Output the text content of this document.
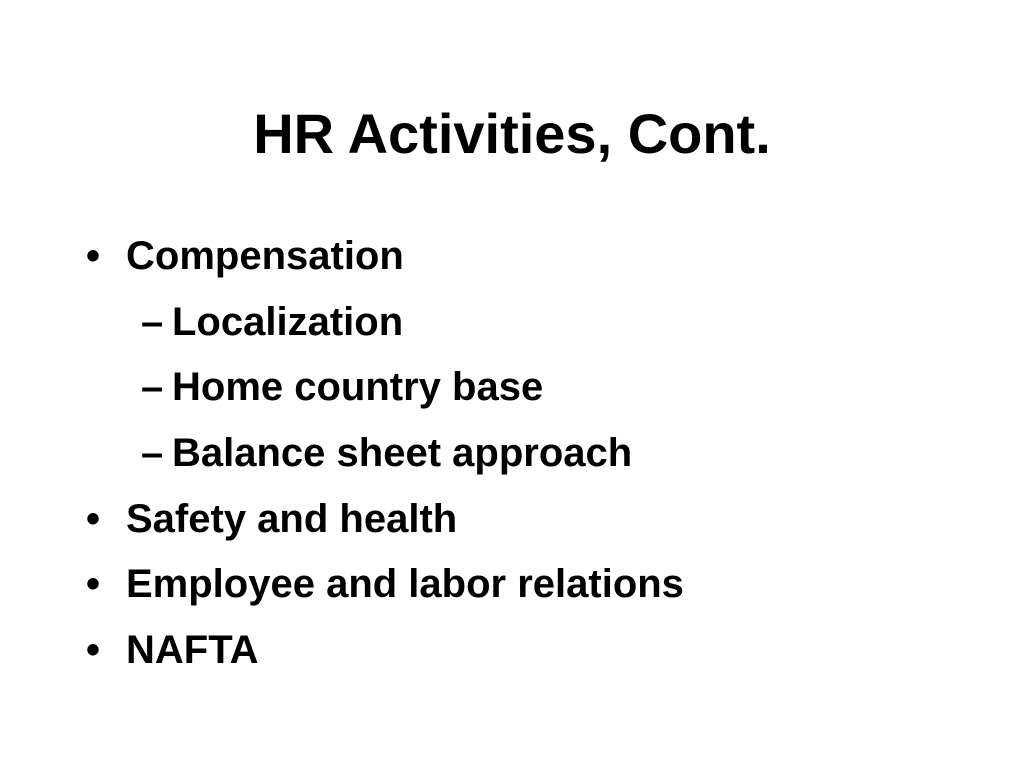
HR Activities, Cont.
• Compensation
– Localization
– Home country base
– Balance sheet approach
• Safety and health
• Employee and labor relations
• NAFTA
